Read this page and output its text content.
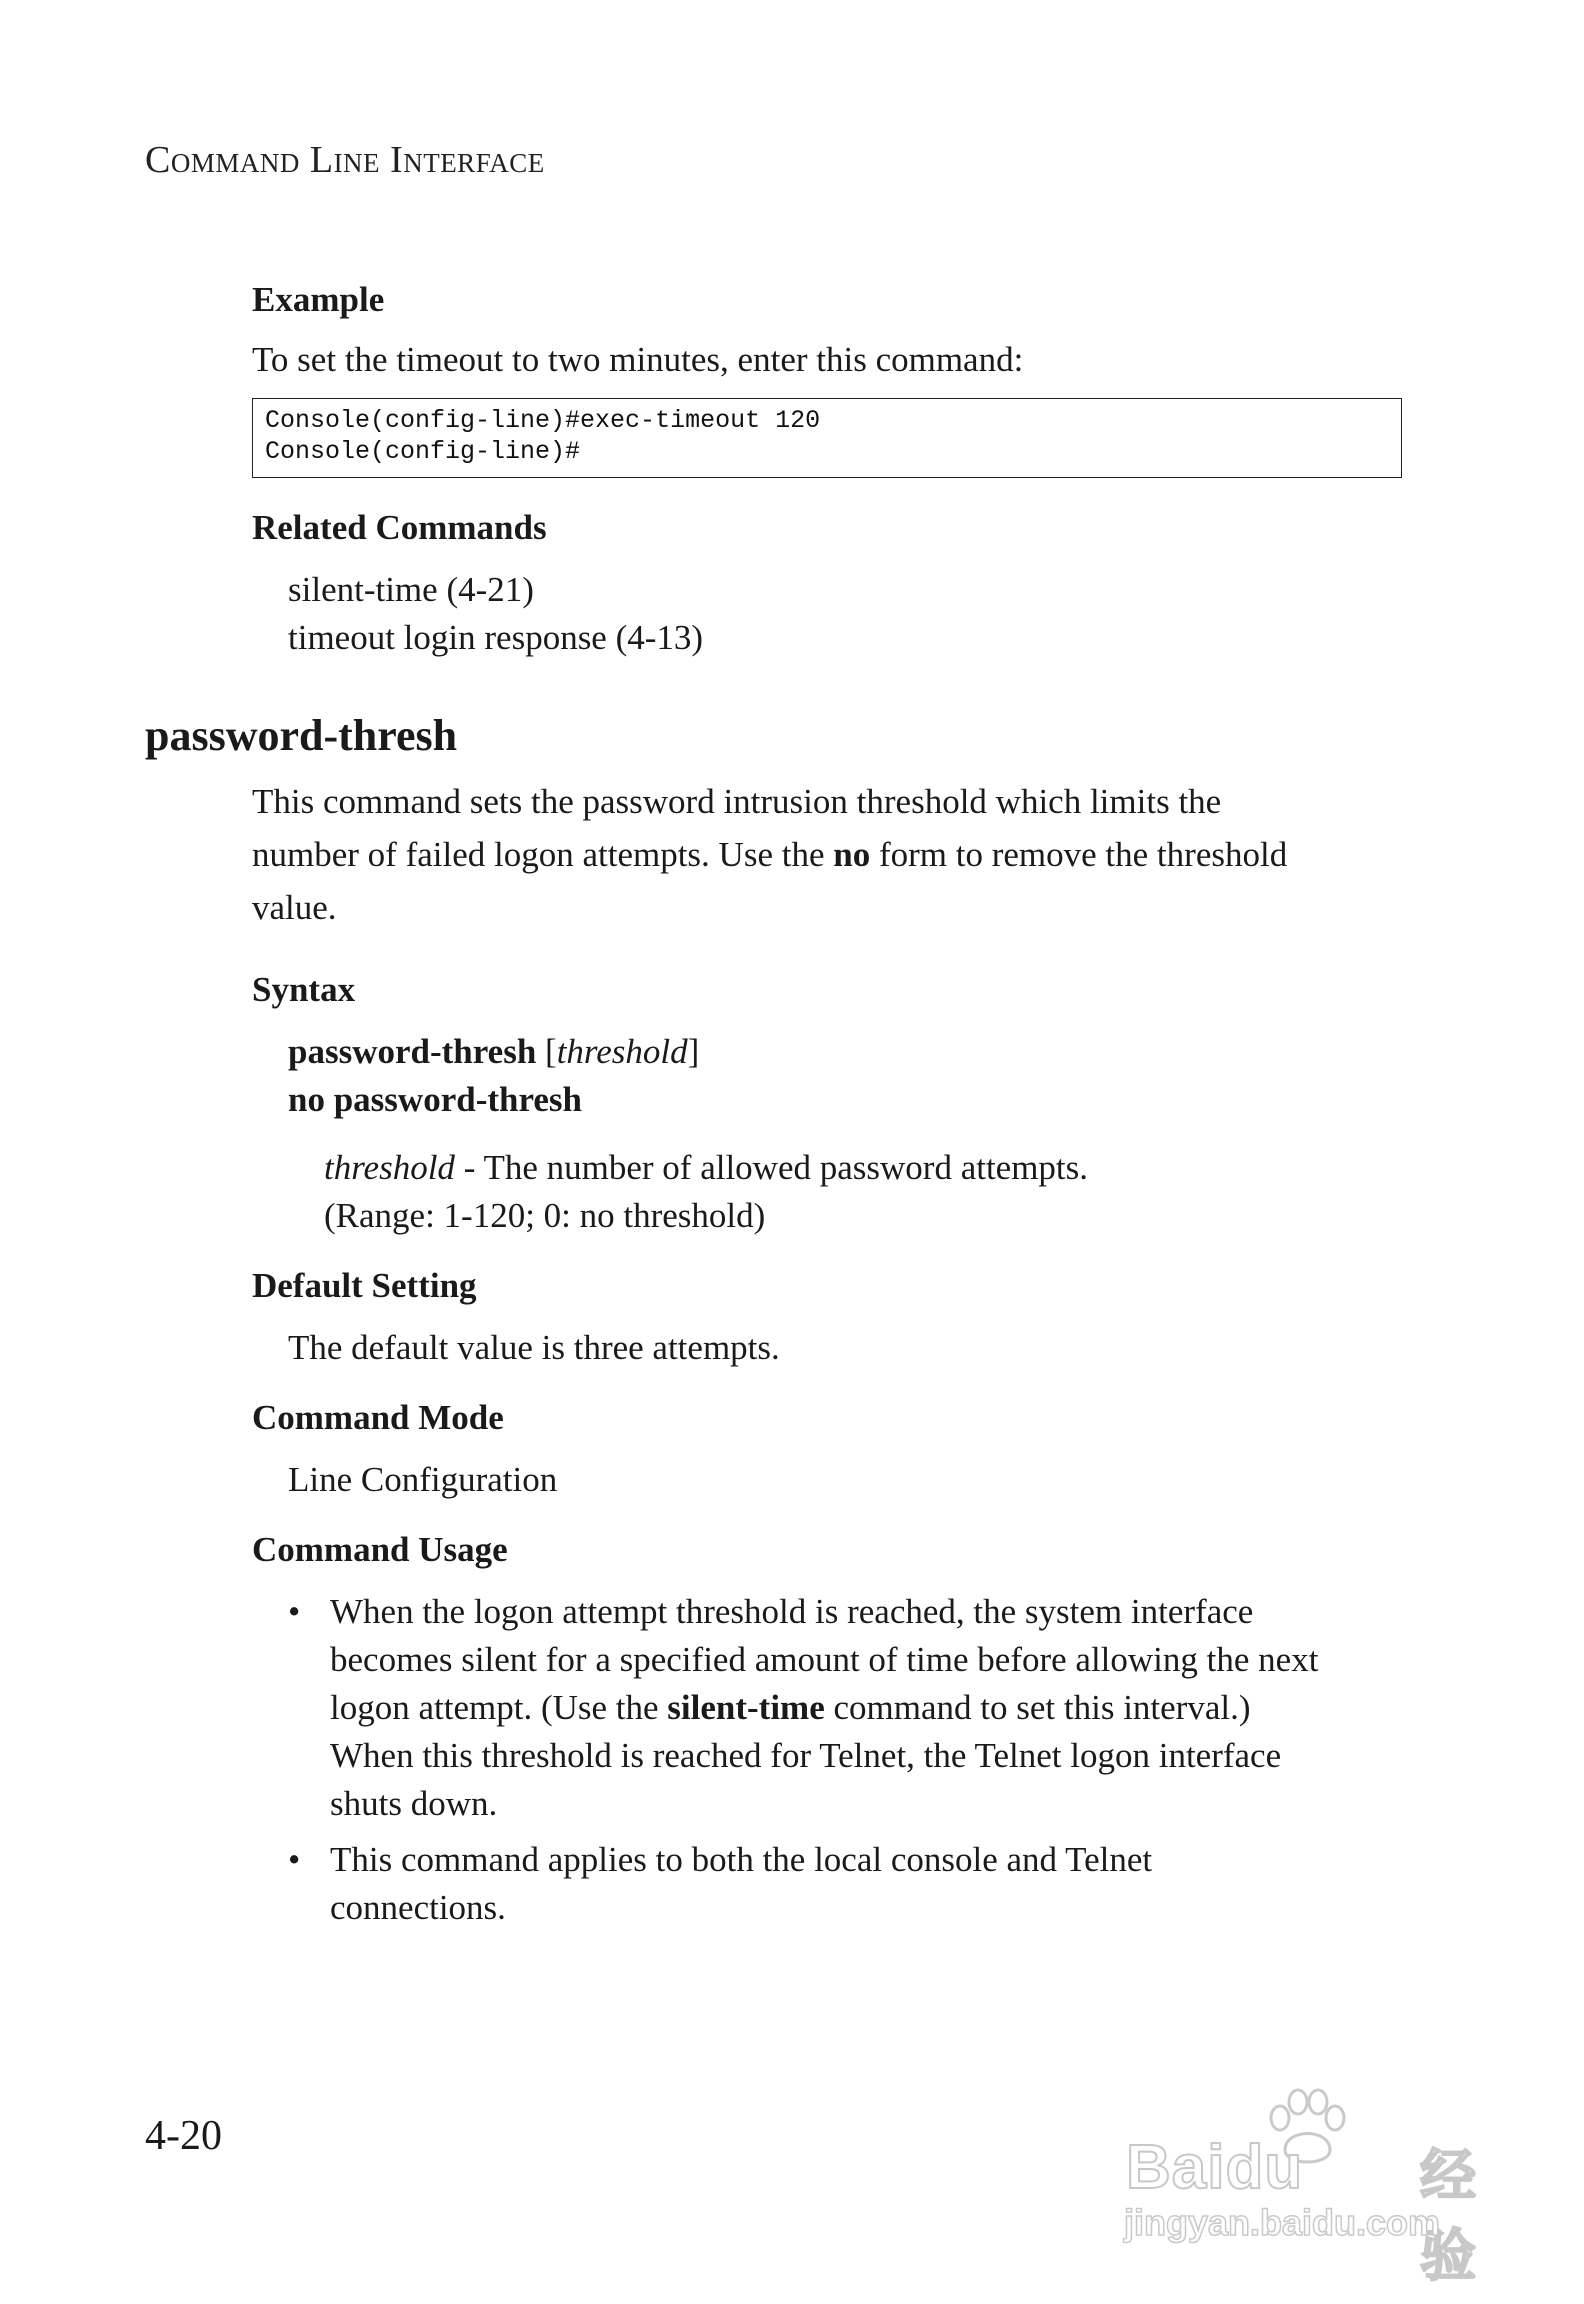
Command Line Interface
Example
To set the timeout to two minutes, enter this command:
Console(config-line)#exec-timeout 120
Console(config-line)#
Related Commands
silent-time (4-21)
timeout login response (4-13)
password-thresh
This command sets the password intrusion threshold which limits the
number of failed logon attempts. Use the no form to remove the threshold
value.
Syntax
password-thresh [threshold]
no password-thresh
threshold - The number of allowed password attempts.
(Range: 1-120; 0: no threshold)
Default Setting
The default value is three attempts.
Command Mode
Line Configuration
Command Usage
• When the logon attempt threshold is reached, the system interface
becomes silent for a specified amount of time before allowing the next
logon attempt. (Use the silent-time command to set this interval.)
When this threshold is reached for Telnet, the Telnet logon interface
shuts down.
• This command applies to both the local console and Telnet
connections.
4-20	Baidu 经验
jingyan.baidu.com
